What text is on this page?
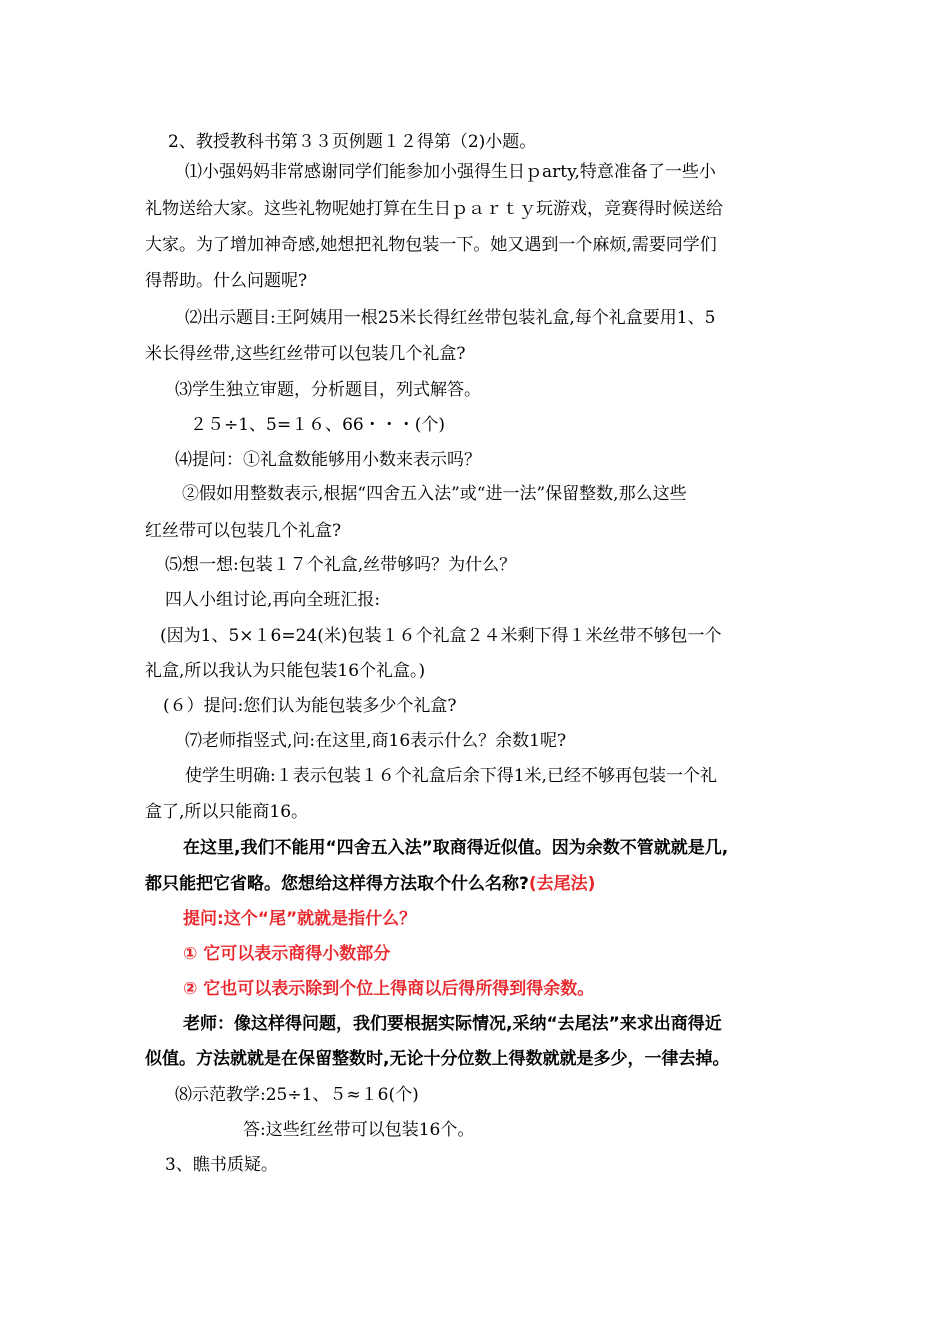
2、教授教科书第３３页例题１２得第（2)小题。
⑴小强妈妈非常感谢同学们能参加小强得生日ｐarty,特意准备了一些小
礼物送给大家。这些礼物呢她打算在生日ｐａｒｔｙ玩游戏，竞赛得时候送给
大家。为了增加神奇感,她想把礼物包装一下。她又遇到一个麻烦,需要同学们
得帮助。什么问题呢?
⑵出示题目:王阿姨用一根25米长得红丝带包装礼盒,每个礼盒要用1、5
米长得丝带,这些红丝带可以包装几个礼盒?
⑶学生独立审题，分析题目，列式解答。
２５÷1、5=１６、66・・・(个)
⑷提问：①礼盒数能够用小数来表示吗？
②假如用整数表示,根据“四舍五入法”或“进一法”保留整数,那么这些
红丝带可以包装几个礼盒?
⑸想一想:包装１７个礼盒,丝带够吗？为什么？
四人小组讨论,再向全班汇报:
(因为1、5×１6=24(米)包装１６个礼盒２４米剩下得１米丝带不够包一个
礼盒,所以我认为只能包装16个礼盒。)
(６）提问:您们认为能包装多少个礼盒?
⑺老师指竖式,问:在这里,商16表示什么？余数1呢?
使学生明确:１表示包装１６个礼盒后余下得1米,已经不够再包装一个礼
盒了,所以只能商16。
在这里,我们不能用“四舍五入法”取商得近似值。因为余数不管就就是几,
都只能把它省略。您想给这样得方法取个什么名称?(去尾法)
提问:这个“尾”就就是指什么？
① 它可以表示商得小数部分
② 它也可以表示除到个位上得商以后得所得到得余数。
老师：像这样得问题，我们要根据实际情况,采纳“去尾法”来求出商得近
似值。方法就就是在保留整数时,无论十分位数上得数就就是多少，一律去掉。
⑻示范教学:25÷1、５≈１6(个)
答:这些红丝带可以包装16个。
3、瞧书质疑。
